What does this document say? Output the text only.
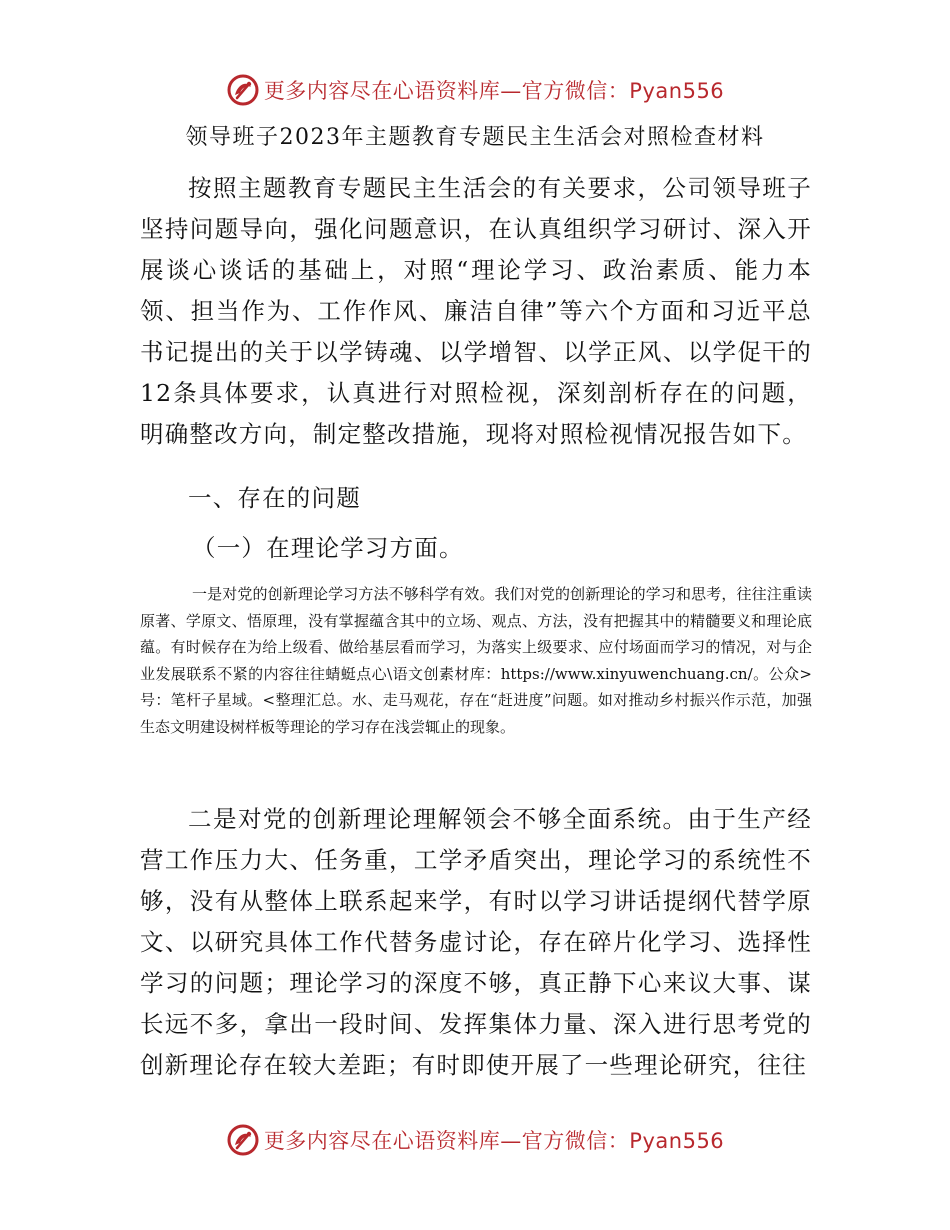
更多内容尽在心语资料库—官方微信：Pyan556
领导班子2023年主题教育专题民主生活会对照检查材料

按照主题教育专题民主生活会的有关要求，公司领导班子坚持问题导向，强化问题意识，在认真组织学习研讨、深入开展谈心谈话的基础上，对照“理论学习、政治素质、能力本领、担当作为、工作作风、廉洁自律”等六个方面和习近平总书记提出的关于以学铸魂、以学增智、以学正风、以学促干的12条具体要求，认真进行对照检视，深刻剖析存在的问题，明确整改方向，制定整改措施，现将对照检视情况报告如下。

一、存在的问题

（一）在理论学习方面。

一是对党的创新理论学习方法不够科学有效。我们对党的创新理论的学习和思考，往往注重读原著、学原文、悟原理，没有掌握蕴含其中的立场、观点、方法，没有把握其中的精髓要义和理论底蕴。有时候存在为给上级看、做给基层看而学习，为落实上级要求、应付场面而学习的情况，对与企业发展联系不紧的内容往往蜻蜓点心\语文创素材库：https://www.xinyuwenchuang.cn/。公众>号：笔杆子星域。<整理汇总。水、走马观花，存在“赶进度”问题。如对推动乡村振兴作示范，加强生态文明建设树样板等理论的学习存在浅尝辄止的现象。

二是对党的创新理论理解领会不够全面系统。由于生产经营工作压力大、任务重，工学矛盾突出，理论学习的系统性不够，没有从整体上联系起来学，有时以学习讲话提纲代替学原文、以研究具体工作代替务虚讨论，存在碎片化学习、选择性学习的问题；理论学习的深度不够，真正静下心来议大事、谋长远不多，拿出一段时间、发挥集体力量、深入进行思考党的创新理论存在较大差距；有时即使开展了一些理论研究，往往

更多内容尽在心语资料库—官方微信：Pyan556
